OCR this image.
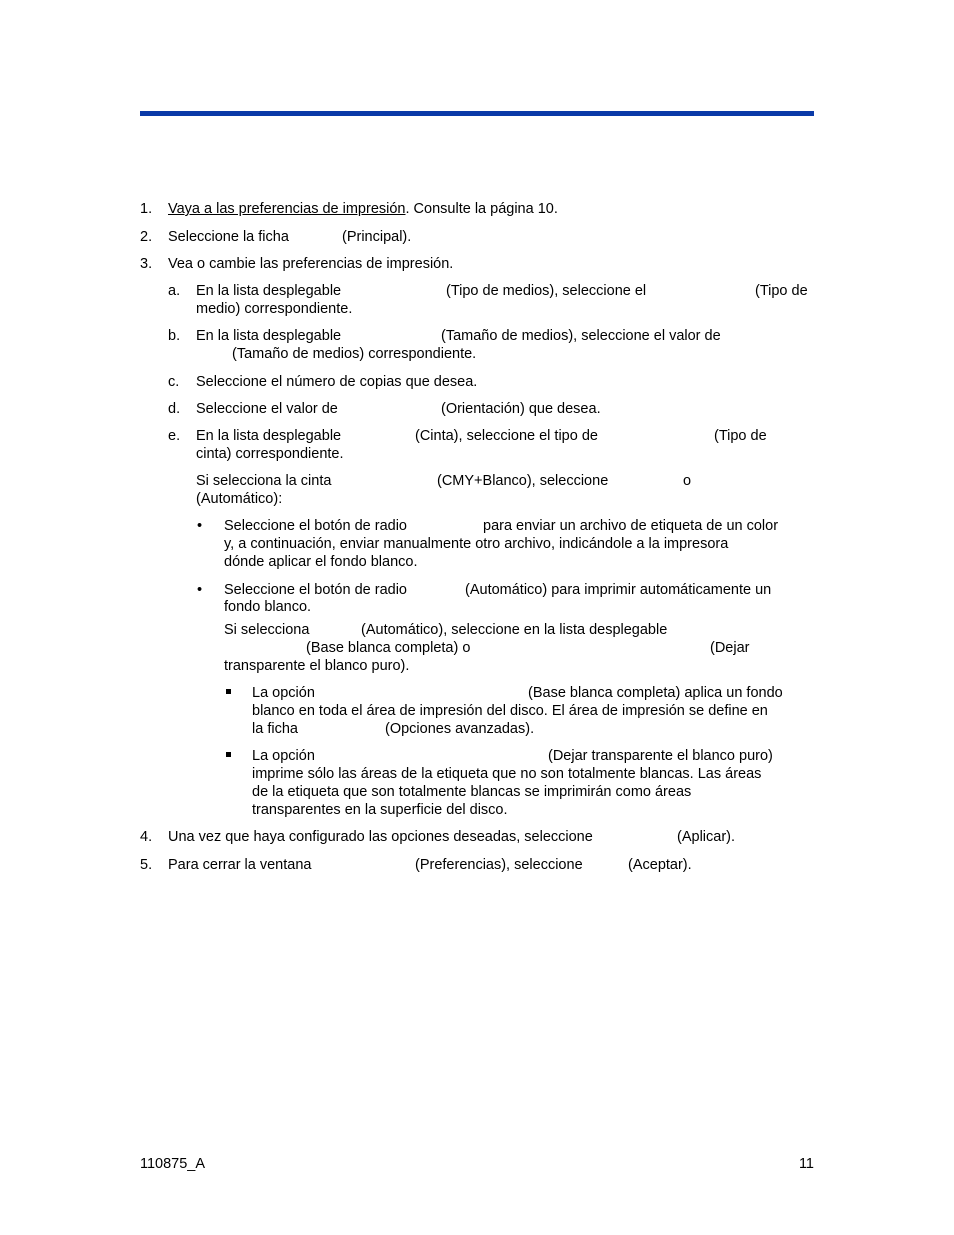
1. Vaya a las preferencias de impresión. Consulte la página 10.
2. Seleccione la ficha	(Principal).
3. Vea o cambie las preferencias de impresión.
a. En la lista desplegable	(Tipo de medios), seleccione el	(Tipo de
medio) correspondiente.
b. En la lista desplegable	(Tamaño de medios), seleccione el valor de
(Tamaño de medios) correspondiente.
c. Seleccione el número de copias que desea.
d. Seleccione el valor de	(Orientación) que desea.
e. En la lista desplegable	(Cinta), seleccione el tipo de	(Tipo de
cinta) correspondiente.
Si selecciona la cinta	(CMY+Blanco), seleccione	o
(Automático):
• Seleccione el botón de radio	para enviar un archivo de etiqueta de un color
y, a continuación, enviar manualmente otro archivo, indicándole a la impresora
dónde aplicar el fondo blanco.
• Seleccione el botón de radio	(Automático) para imprimir automáticamente un
fondo blanco.
Si selecciona	(Automático), seleccione en la lista desplegable
(Base blanca completa) o	(Dejar
transparente el blanco puro).
La opción	(Base blanca completa) aplica un fondo
blanco en toda el área de impresión del disco. El área de impresión se define en
la ficha	(Opciones avanzadas).
La opción	(Dejar transparente el blanco puro)
imprime sólo las áreas de la etiqueta que no son totalmente blancas. Las áreas
de la etiqueta que son totalmente blancas se imprimirán como áreas
transparentes en la superficie del disco.
4. Una vez que haya configurado las opciones deseadas, seleccione	(Aplicar).
5. Para cerrar la ventana	(Preferencias), seleccione	(Aceptar).
110875_A	11
